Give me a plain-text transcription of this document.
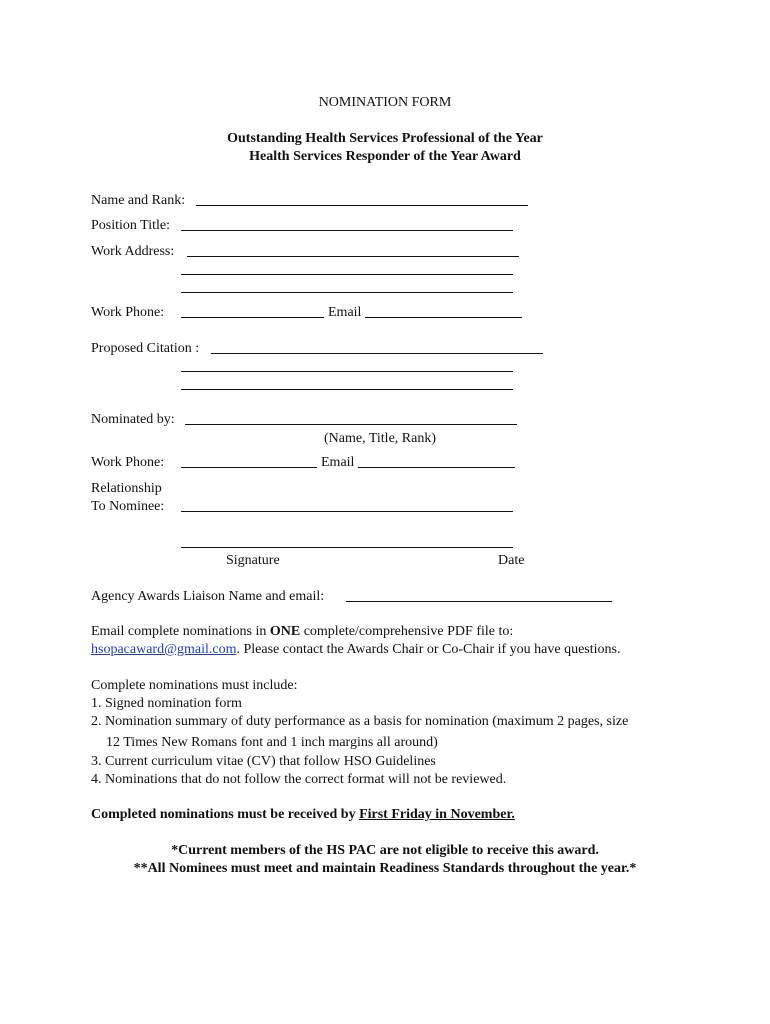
NOMINATION FORM
Outstanding Health Services Professional of the Year
Health Services Responder of the Year Award
Name and Rank:
Position Title:
Work Address:
Work Phone:	Email
Proposed Citation :
Nominated by:
(Name, Title, Rank)
Work Phone:	Email
Relationship
To Nominee:
Signature	Date
Agency Awards Liaison Name and email:
Email complete nominations in ONE complete/comprehensive PDF file to:
hsopacaward@gmail.com. Please contact the Awards Chair or Co-Chair if you have questions.
Complete nominations must include:
1. Signed nomination form
2. Nomination summary of duty performance as a basis for nomination (maximum 2 pages, size
12 Times New Romans font and 1 inch margins all around)
3. Current curriculum vitae (CV) that follow HSO Guidelines
4. Nominations that do not follow the correct format will not be reviewed.
Completed nominations must be received by First Friday in November.
*Current members of the HS PAC are not eligible to receive this award.
**All Nominees must meet and maintain Readiness Standards throughout the year.*
